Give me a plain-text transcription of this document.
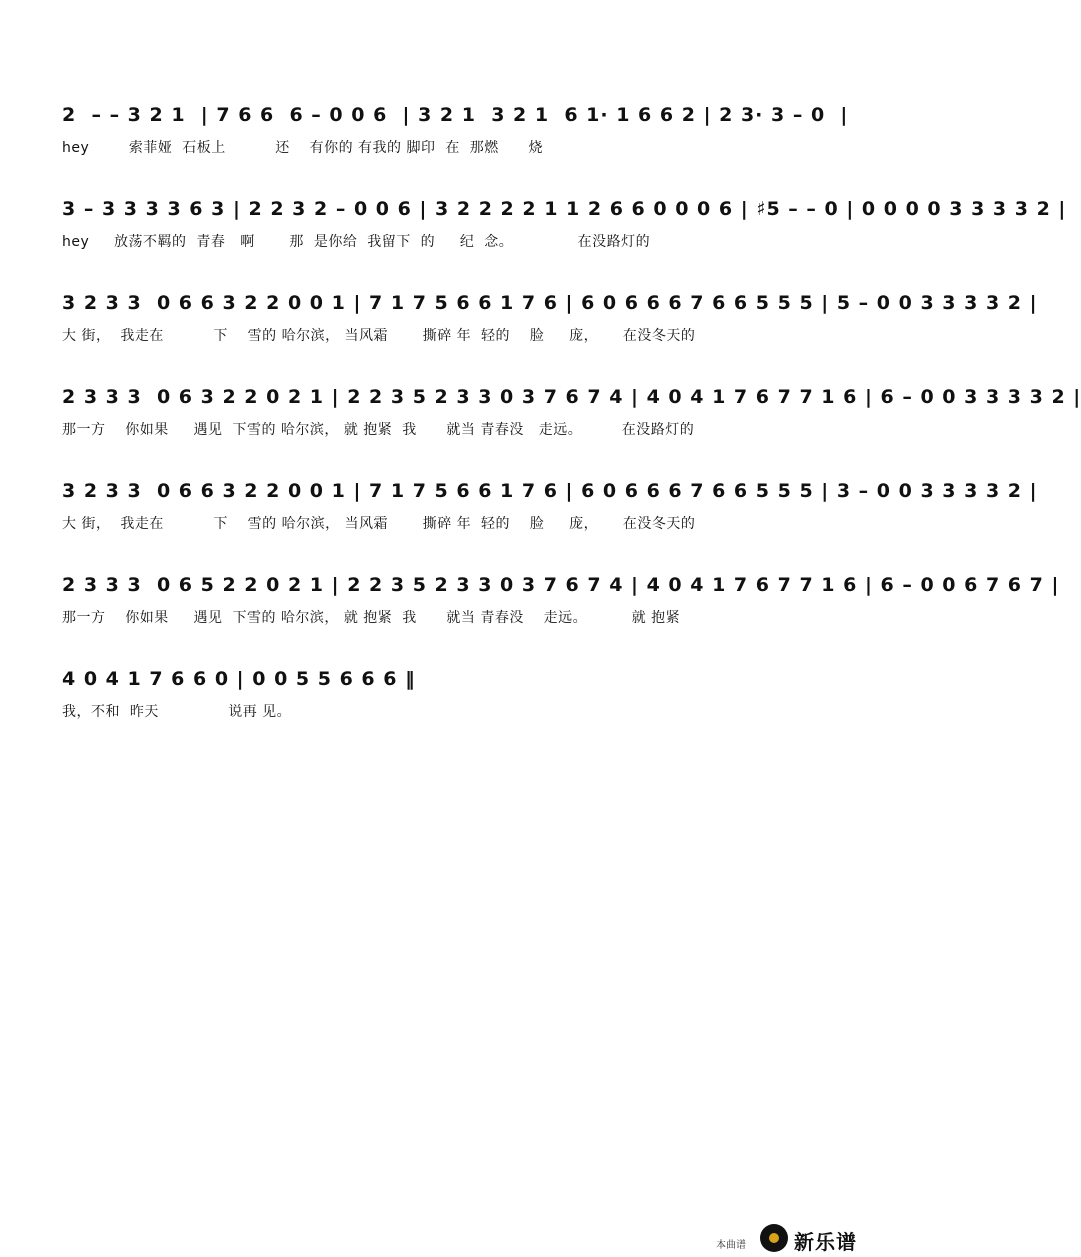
2  – – 3 2 1  | 7 6 6  6 – 0 0 6  | 3 2 1  3 2 1  6 1· 1 6 6 2 | 2 3· 3 – 0  |
hey        索菲娅  石板上          还    有你的 有我的 脚印  在  那燃      烧
3 – 3 3 3 3 6 3 | 2 2 3 2 – 0 0 6 | 3 2 2 2 2 1 1 2 6 6 0 0 0 6 | ♯5 – – 0 | 0 0 0 0 3 3 3 3 2 |
hey     放荡不羁的  青春   啊       那  是你给  我留下  的     纪  念。             在没路灯的
3 2 3 3  0 6 6 3 2 2 0 0 1 | 7 1 7 5 6 6 1 7 6 | 6 0 6 6 6 7 6 6 5 5 5 | 5 – 0 0 3 3 3 3 2 |
大 街，  我走在          下    雪的 哈尔滨， 当风霜       撕碎 年  轻的    脸     庞，     在没冬天的
2 3 3 3  0 6 3 2 2 0 2 1 | 2 2 3 5 2 3 3 0 3 7 6 7 4 | 4 0 4 1 7 6 7 7 1 6 | 6 – 0 0 3 3 3 3 2 |
那一方    你如果     遇见  下雪的 哈尔滨， 就 抱紧  我      就当 青春没   走远。        在没路灯的
3 2 3 3  0 6 6 3 2 2 0 0 1 | 7 1 7 5 6 6 1 7 6 | 6 0 6 6 6 7 6 6 5 5 5 | 3 – 0 0 3 3 3 3 2 |
大 街，  我走在          下    雪的 哈尔滨， 当风霜       撕碎 年  轻的    脸     庞，     在没冬天的
2 3 3 3  0 6 5 2 2 0 2 1 | 2 2 3 5 2 3 3 0 3 7 6 7 4 | 4 0 4 1 7 6 7 7 1 6 | 6 – 0 0 6 7 6 7 |
那一方    你如果     遇见  下雪的 哈尔滨， 就 抱紧  我      就当 青春没    走远。         就 抱紧
4 0 4 1 7 6 6 0 | 0 0 5 5 6 6 6 ‖
我，不和  昨天              说再 见。
本曲谱 新乐谱
